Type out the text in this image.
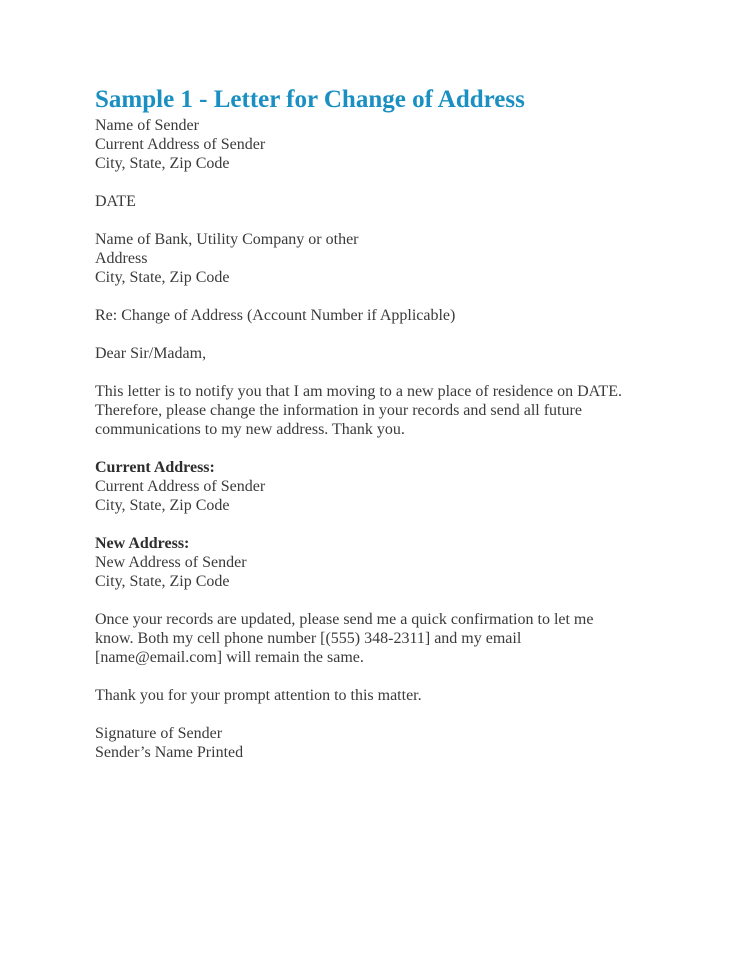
Sample 1 - Letter for Change of Address

Name of Sender

Current Address of Sender

City, State, Zip Code

DATE

Name of Bank, Utility Company or other

Address

City, State, Zip Code

Re: Change of Address (Account Number if Applicable)

Dear Sir/Madam,

This letter is to notify you that I am moving to a new place of residence on DATE.

Therefore, please change the information in your records and send all future

communications to my new address. Thank you.

Current Address:

Current Address of Sender

City, State, Zip Code

New Address:

New Address of Sender

City, State, Zip Code

Once your records are updated, please send me a quick confirmation to let me

know. Both my cell phone number [(555) 348-2311] and my email

[name@email.com] will remain the same.

Thank you for your prompt attention to this matter.

Signature of Sender

Sender’s Name Printed
